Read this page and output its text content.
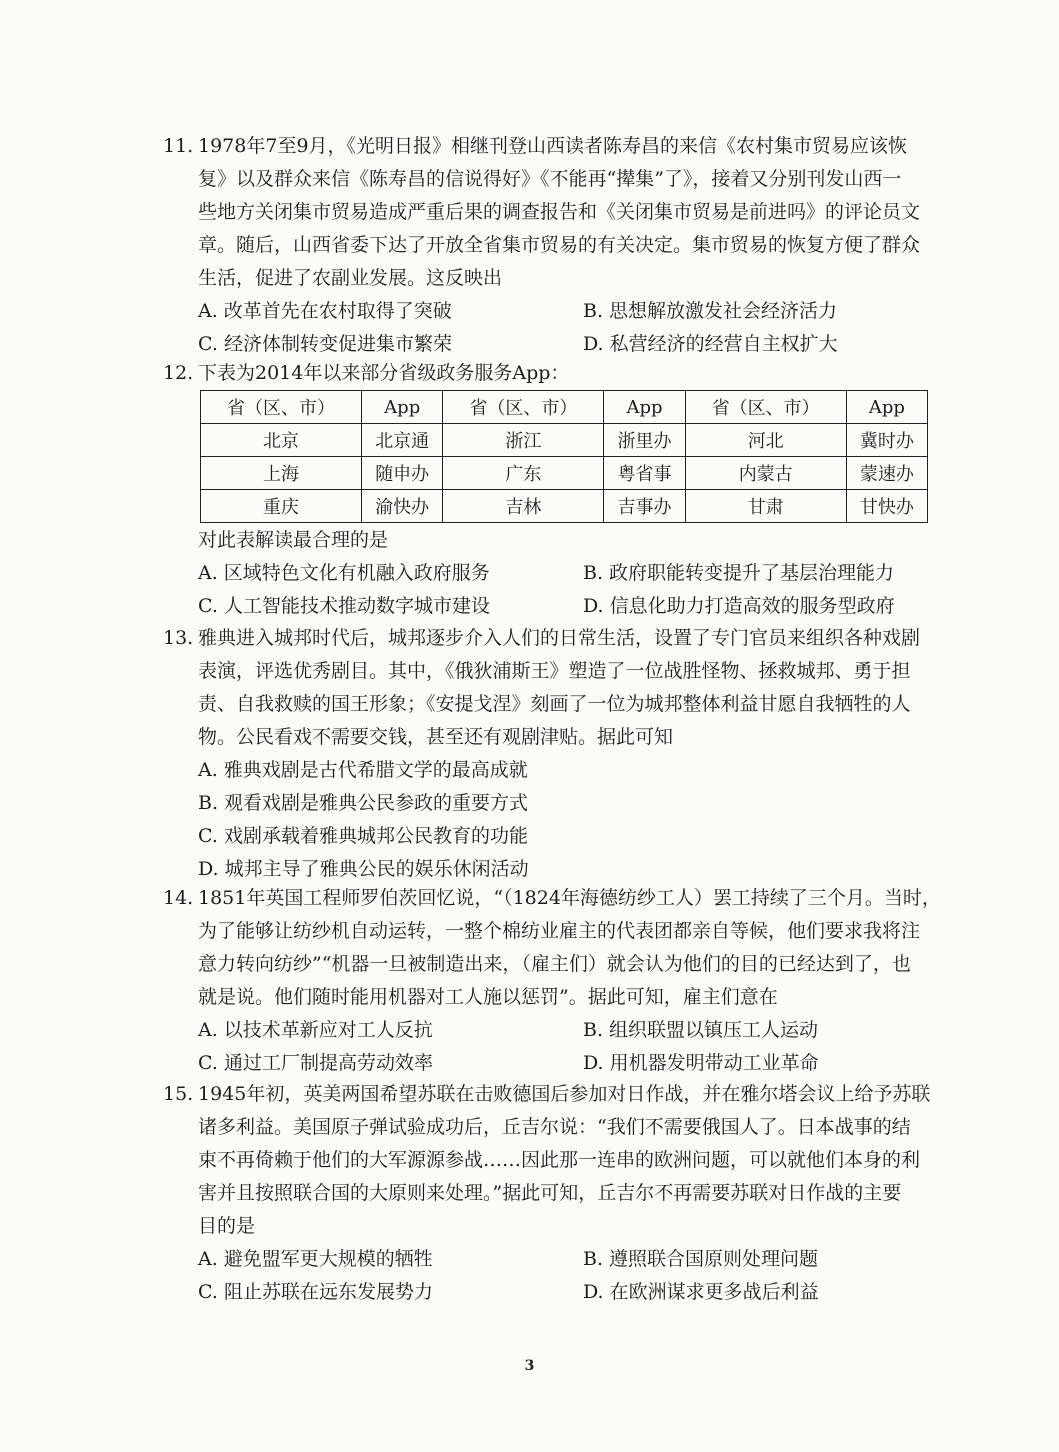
11. 1978年7至9月，《光明日报》相继刊登山西读者陈寿昌的来信《农村集市贸易应该恢
复》以及群众来信《陈寿昌的信说得好》《不能再“撵集”了》，接着又分别刊发山西一
些地方关闭集市贸易造成严重后果的调查报告和《关闭集市贸易是前进吗》的评论员文
章。随后，山西省委下达了开放全省集市贸易的有关决定。集市贸易的恢复方便了群众
生活，促进了农副业发展。这反映出
A. 改革首先在农村取得了突破	B. 思想解放激发社会经济活力
C. 经济体制转变促进集市繁荣	D. 私营经济的经营自主权扩大
12. 下表为2014年以来部分省级政务服务App：
省（区、市）	App	省（区、市）	App	省（区、市）	App
北京	北京通	浙江	浙里办	河北	冀时办
上海	随申办	广东	粤省事	内蒙古	蒙速办
重庆	渝快办	吉林	吉事办	甘肃	甘快办
对此表解读最合理的是
A. 区域特色文化有机融入政府服务	B. 政府职能转变提升了基层治理能力
C. 人工智能技术推动数字城市建设	D. 信息化助力打造高效的服务型政府
13. 雅典进入城邦时代后，城邦逐步介入人们的日常生活，设置了专门官员来组织各种戏剧
表演，评选优秀剧目。其中，《俄狄浦斯王》塑造了一位战胜怪物、拯救城邦、勇于担
责、自我救赎的国王形象；《安提戈涅》刻画了一位为城邦整体利益甘愿自我牺牲的人
物。公民看戏不需要交钱，甚至还有观剧津贴。据此可知
A. 雅典戏剧是古代希腊文学的最高成就
B. 观看戏剧是雅典公民参政的重要方式
C. 戏剧承载着雅典城邦公民教育的功能
D. 城邦主导了雅典公民的娱乐休闲活动
14. 1851年英国工程师罗伯茨回忆说，“（1824年海德纺纱工人）罢工持续了三个月。当时，
为了能够让纺纱机自动运转，一整个棉纺业雇主的代表团都亲自等候，他们要求我将注
意力转向纺纱”“机器一旦被制造出来，（雇主们）就会认为他们的目的已经达到了，也
就是说。他们随时能用机器对工人施以惩罚”。据此可知，雇主们意在
A. 以技术革新应对工人反抗	B. 组织联盟以镇压工人运动
C. 通过工厂制提高劳动效率	D. 用机器发明带动工业革命
15. 1945年初，英美两国希望苏联在击败德国后参加对日作战，并在雅尔塔会议上给予苏联
诸多利益。美国原子弹试验成功后，丘吉尔说：“我们不需要俄国人了。日本战事的结
束不再倚赖于他们的大军源源参战……因此那一连串的欧洲问题，可以就他们本身的利
害并且按照联合国的大原则来处理。”据此可知，丘吉尔不再需要苏联对日作战的主要
目的是
A. 避免盟军更大规模的牺牲	B. 遵照联合国原则处理问题
C. 阻止苏联在远东发展势力	D. 在欧洲谋求更多战后利益
3
